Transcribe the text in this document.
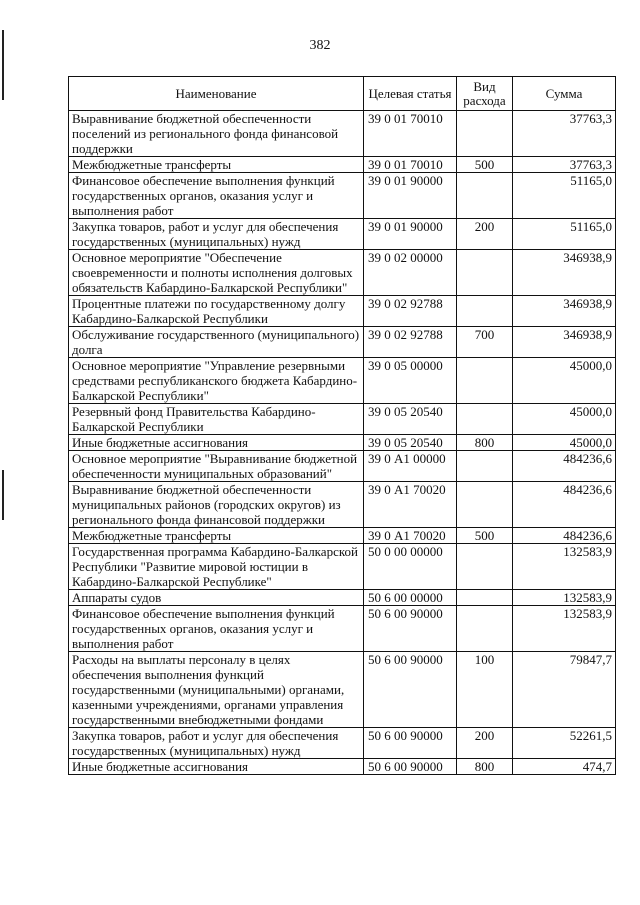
382
Наименование	Целевая статья	Вид расхода	Сумма
Выравнивание бюджетной обеспеченности поселений из регионального фонда финансовой поддержки	39 0 01 70010		37763,3
Межбюджетные трансферты	39 0 01 70010	500	37763,3
Финансовое обеспечение выполнения функций государственных органов, оказания услуг и выполнения работ	39 0 01 90000		51165,0
Закупка товаров, работ и услуг для обеспечения государственных (муниципальных) нужд	39 0 01 90000	200	51165,0
Основное мероприятие "Обеспечение своевременности и полноты исполнения долговых обязательств Кабардино-Балкарской Республики"	39 0 02 00000		346938,9
Процентные платежи по государственному долгу Кабардино-Балкарской Республики	39 0 02 92788		346938,9
Обслуживание государственного (муниципального) долга	39 0 02 92788	700	346938,9
Основное мероприятие "Управление резервными средствами республиканского бюджета Кабардино-Балкарской Республики"	39 0 05 00000		45000,0
Резервный фонд Правительства Кабардино-Балкарской Республики	39 0 05 20540		45000,0
Иные бюджетные ассигнования	39 0 05 20540	800	45000,0
Основное мероприятие "Выравнивание бюджетной обеспеченности муниципальных образований"	39 0 А1 00000		484236,6
Выравнивание бюджетной обеспеченности муниципальных районов (городских округов) из регионального фонда финансовой поддержки	39 0 А1 70020		484236,6
Межбюджетные трансферты	39 0 А1 70020	500	484236,6
Государственная программа Кабардино-Балкарской Республики "Развитие мировой юстиции в Кабардино-Балкарской Республике"	50 0 00 00000		132583,9
Аппараты судов	50 6 00 00000		132583,9
Финансовое обеспечение выполнения функций государственных органов, оказания услуг и выполнения работ	50 6 00 90000		132583,9
Расходы на выплаты персоналу в целях обеспечения выполнения функций государственными (муниципальными) органами, казенными учреждениями, органами управления государственными внебюджетными фондами	50 6 00 90000	100	79847,7
Закупка товаров, работ и услуг для обеспечения государственных (муниципальных) нужд	50 6 00 90000	200	52261,5
Иные бюджетные ассигнования	50 6 00 90000	800	474,7
